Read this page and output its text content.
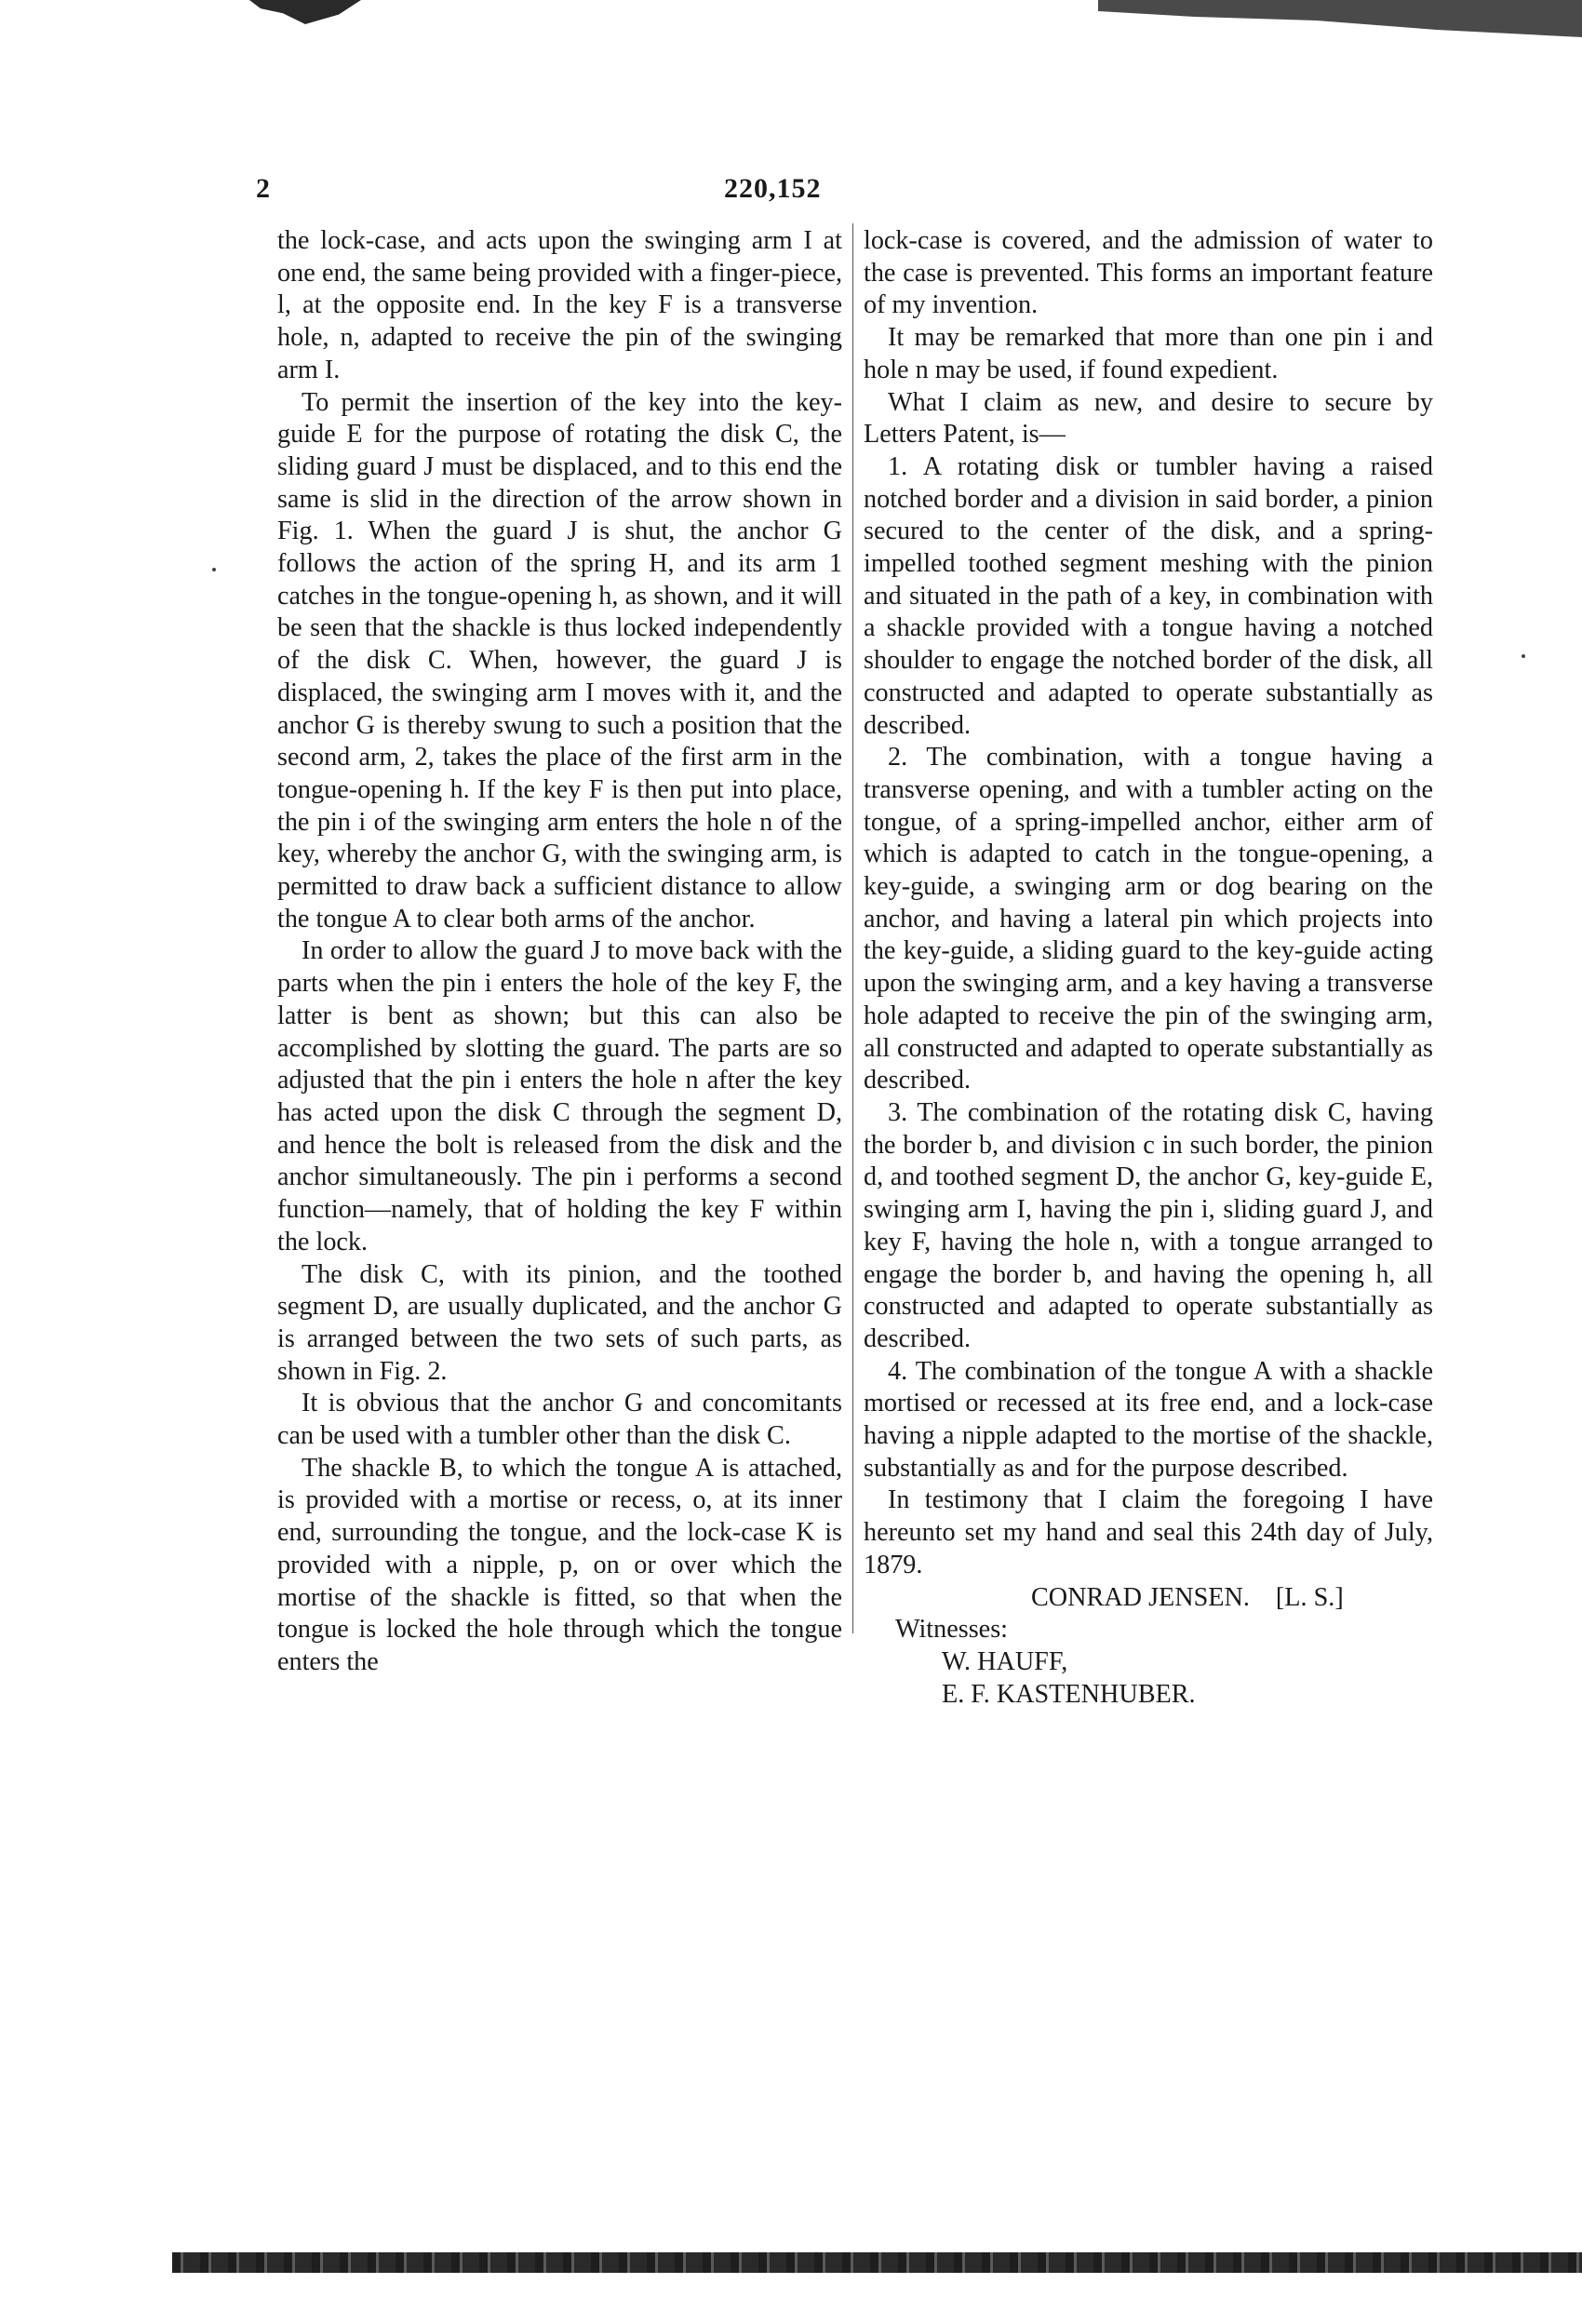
2	220,152

the lock-case, and acts upon the swinging arm I at one end, the same being provided with a finger-piece, l, at the opposite end. In the key F is a transverse hole, n, adapted to receive the pin of the swinging arm I.

To permit the insertion of the key into the key-guide E for the purpose of rotating the disk C, the sliding guard J must be displaced, and to this end the same is slid in the direction of the arrow shown in Fig. 1. When the guard J is shut, the anchor G follows the action of the spring H, and its arm 1 catches in the tongue-opening h, as shown, and it will be seen that the shackle is thus locked independently of the disk C. When, however, the guard J is displaced, the swinging arm I moves with it, and the anchor G is thereby swung to such a position that the second arm, 2, takes the place of the first arm in the tongue-opening h. If the key F is then put into place, the pin i of the swinging arm enters the hole n of the key, whereby the anchor G, with the swinging arm, is permitted to draw back a sufficient distance to allow the tongue A to clear both arms of the anchor.

In order to allow the guard J to move back with the parts when the pin i enters the hole of the key F, the latter is bent as shown; but this can also be accomplished by slotting the guard. The parts are so adjusted that the pin i enters the hole n after the key has acted upon the disk C through the segment D, and hence the bolt is released from the disk and the anchor simultaneously. The pin i performs a second function—namely, that of holding the key F within the lock.

The disk C, with its pinion, and the toothed segment D, are usually duplicated, and the anchor G is arranged between the two sets of such parts, as shown in Fig. 2.

It is obvious that the anchor G and concomitants can be used with a tumbler other than the disk C.

The shackle B, to which the tongue A is attached, is provided with a mortise or recess, o, at its inner end, surrounding the tongue, and the lock-case K is provided with a nipple, p, on or over which the mortise of the shackle is fitted, so that when the tongue is locked the hole through which the tongue enters the

lock-case is covered, and the admission of water to the case is prevented. This forms an important feature of my invention.

It may be remarked that more than one pin i and hole n may be used, if found expedient.

What I claim as new, and desire to secure by Letters Patent, is—

1. A rotating disk or tumbler having a raised notched border and a division in said border, a pinion secured to the center of the disk, and a spring-impelled toothed segment meshing with the pinion and situated in the path of a key, in combination with a shackle provided with a tongue having a notched shoulder to engage the notched border of the disk, all constructed and adapted to operate substantially as described.

2. The combination, with a tongue having a transverse opening, and with a tumbler acting on the tongue, of a spring-impelled anchor, either arm of which is adapted to catch in the tongue-opening, a key-guide, a swinging arm or dog bearing on the anchor, and having a lateral pin which projects into the key-guide, a sliding guard to the key-guide acting upon the swinging arm, and a key having a transverse hole adapted to receive the pin of the swinging arm, all constructed and adapted to operate substantially as described.

3. The combination of the rotating disk C, having the border b, and division c in such border, the pinion d, and toothed segment D, the anchor G, key-guide E, swinging arm I, having the pin i, sliding guard J, and key F, having the hole n, with a tongue arranged to engage the border b, and having the opening h, all constructed and adapted to operate substantially as described.

4. The combination of the tongue A with a shackle mortised or recessed at its free end, and a lock-case having a nipple adapted to the mortise of the shackle, substantially as and for the purpose described.

In testimony that I claim the foregoing I have hereunto set my hand and seal this 24th day of July, 1879.

CONRAD JENSEN. [L. S.]
Witnesses:
W. HAUFF,
E. F. KASTENHUBER.
